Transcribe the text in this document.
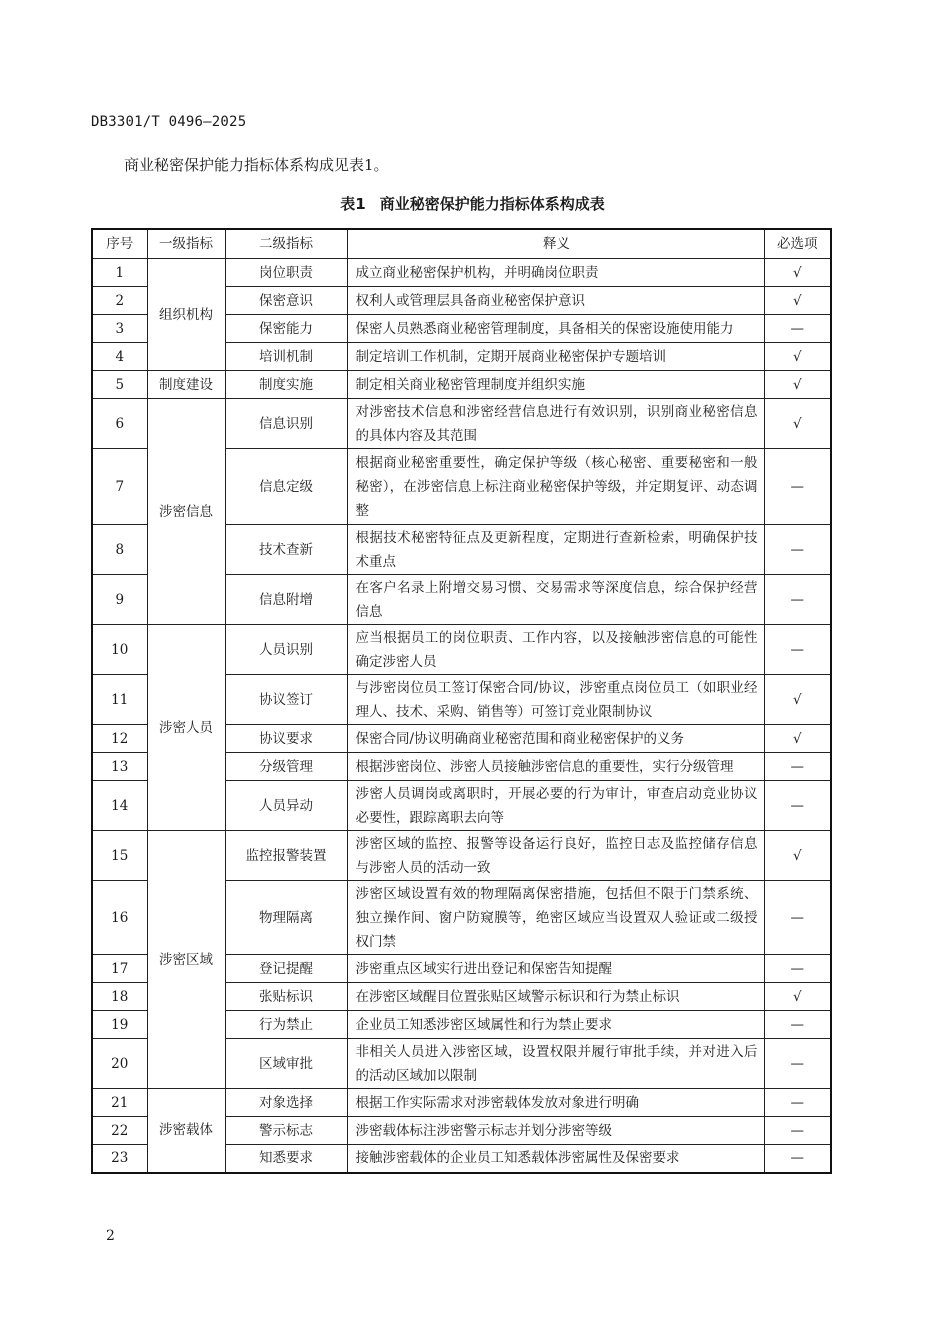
DB3301/T 0496—2025
商业秘密保护能力指标体系构成见表1。
表1 商业秘密保护能力指标体系构成表
序号	一级指标	二级指标	释义	必选项
1	组织机构	岗位职责	成立商业秘密保护机构，并明确岗位职责	√
2		保密意识	权利人或管理层具备商业秘密保护意识	√
3		保密能力	保密人员熟悉商业秘密管理制度，具备相关的保密设施使用能力	—
4		培训机制	制定培训工作机制，定期开展商业秘密保护专题培训	√
5	制度建设	制度实施	制定相关商业秘密管理制度并组织实施	√
6	涉密信息	信息识别	对涉密技术信息和涉密经营信息进行有效识别，识别商业秘密信息的具体内容及其范围	√
7		信息定级	根据商业秘密重要性，确定保护等级（核心秘密、重要秘密和一般秘密），在涉密信息上标注商业秘密保护等级，并定期复评、动态调整	—
8		技术查新	根据技术秘密特征点及更新程度，定期进行查新检索，明确保护技术重点	—
9		信息附增	在客户名录上附增交易习惯、交易需求等深度信息，综合保护经营信息	—
10	涉密人员	人员识别	应当根据员工的岗位职责、工作内容，以及接触涉密信息的可能性确定涉密人员	—
11		协议签订	与涉密岗位员工签订保密合同/协议，涉密重点岗位员工（如职业经理人、技术、采购、销售等）可签订竞业限制协议	√
12		协议要求	保密合同/协议明确商业秘密范围和商业秘密保护的义务	√
13		分级管理	根据涉密岗位、涉密人员接触涉密信息的重要性，实行分级管理	—
14		人员异动	涉密人员调岗或离职时，开展必要的行为审计，审查启动竞业协议必要性，跟踪离职去向等	—
15	涉密区域	监控报警装置	涉密区域的监控、报警等设备运行良好，监控日志及监控储存信息与涉密人员的活动一致	√
16		物理隔离	涉密区域设置有效的物理隔离保密措施，包括但不限于门禁系统、独立操作间、窗户防窥膜等，绝密区域应当设置双人验证或二级授权门禁	—
17		登记提醒	涉密重点区域实行进出登记和保密告知提醒	—
18		张贴标识	在涉密区域醒目位置张贴区域警示标识和行为禁止标识	√
19		行为禁止	企业员工知悉涉密区域属性和行为禁止要求	—
20		区域审批	非相关人员进入涉密区域，设置权限并履行审批手续，并对进入后的活动区域加以限制	—
21	涉密载体	对象选择	根据工作实际需求对涉密载体发放对象进行明确	—
22		警示标志	涉密载体标注涉密警示标志并划分涉密等级	—
23		知悉要求	接触涉密载体的企业员工知悉载体涉密属性及保密要求	—
2
